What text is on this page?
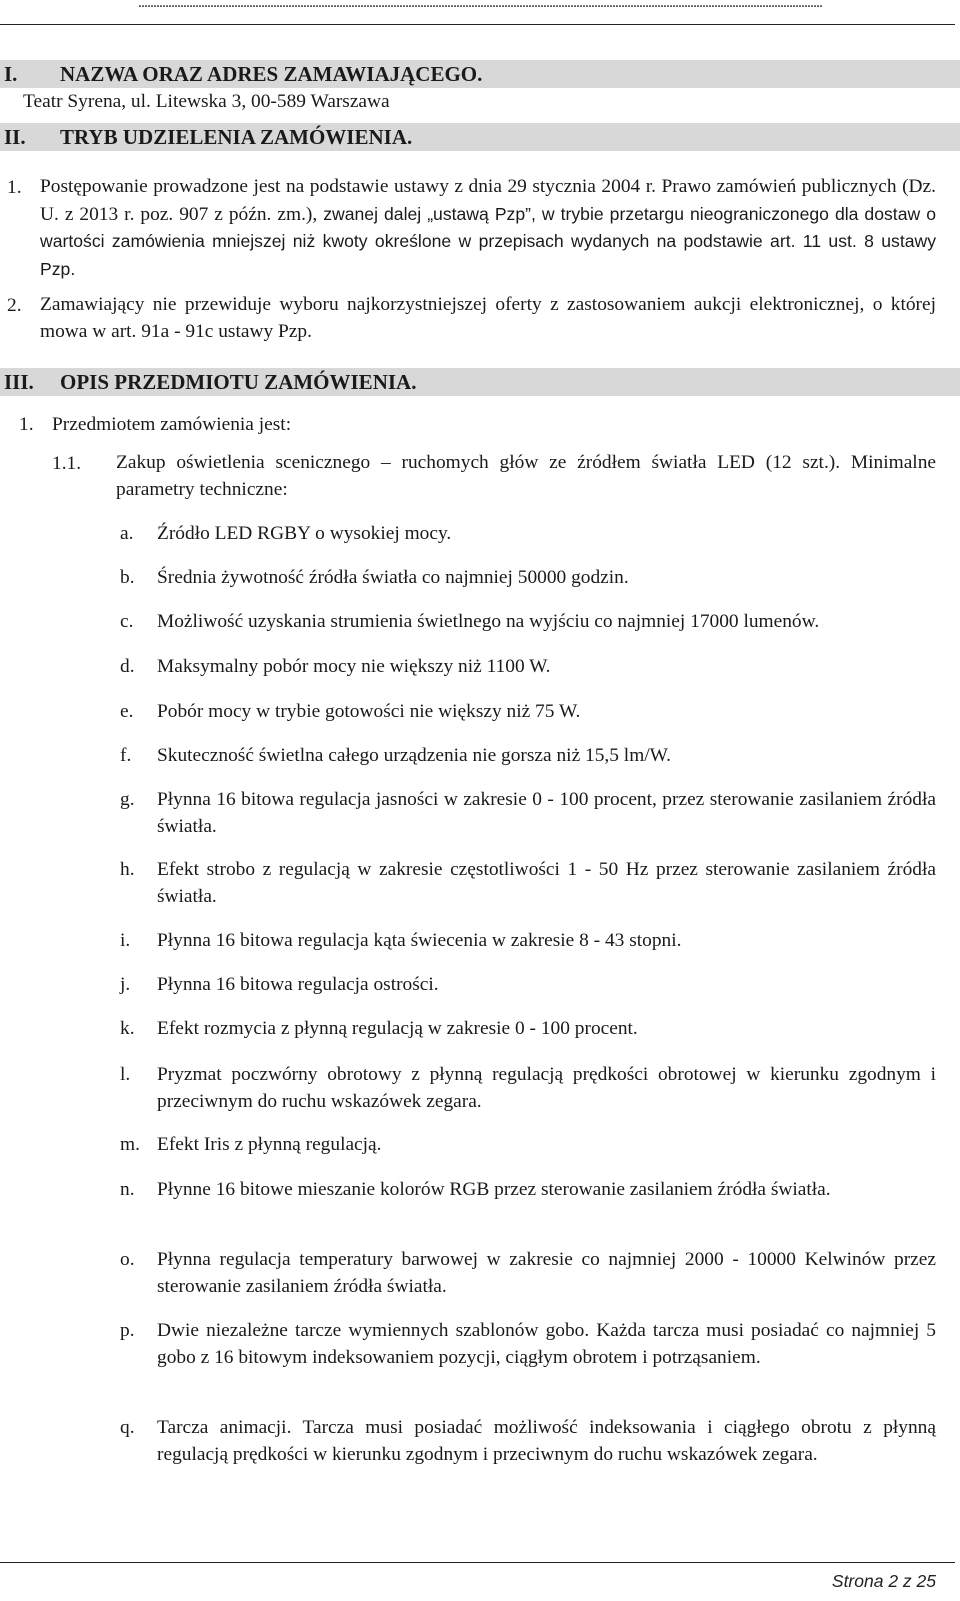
....................................................................................................................................................................................................................................
I. NAZWA ORAZ ADRES ZAMAWIAJĄCEGO.
Teatr Syrena, ul. Litewska 3, 00-589 Warszawa
II. TRYB UDZIELENIA ZAMÓWIENIA.
1. Postępowanie prowadzone jest na podstawie ustawy z dnia 29 stycznia 2004 r. Prawo zamówień publicznych (Dz. U. z 2013 r. poz. 907 z późn. zm.), zwanej dalej „ustawą Pzp”, w trybie przetargu nieograniczonego dla dostaw o wartości zamówienia mniejszej niż kwoty określone w przepisach wydanych na podstawie art. 11 ust. 8 ustawy Pzp.
2. Zamawiający nie przewiduje wyboru najkorzystniejszej oferty z zastosowaniem aukcji elektronicznej, o której mowa w art. 91a - 91c ustawy Pzp.
III. OPIS PRZEDMIOTU ZAMÓWIENIA.
1. Przedmiotem zamówienia jest:
1.1. Zakup oświetlenia scenicznego – ruchomych głów ze źródłem światła LED (12 szt.). Minimalne parametry techniczne:
a. Źródło LED RGBY o wysokiej mocy.
b. Średnia żywotność źródła światła co najmniej 50000 godzin.
c. Możliwość uzyskania strumienia świetlnego na wyjściu co najmniej 17000 lumenów.
d. Maksymalny pobór mocy nie większy niż 1100 W.
e. Pobór mocy w trybie gotowości nie większy niż 75 W.
f. Skuteczność świetlna całego urządzenia nie gorsza niż 15,5 lm/W.
g. Płynna 16 bitowa regulacja jasności w zakresie 0 - 100 procent, przez sterowanie zasilaniem źródła światła.
h. Efekt strobo z regulacją w zakresie częstotliwości 1 - 50 Hz przez sterowanie zasilaniem źródła światła.
i. Płynna 16 bitowa regulacja kąta świecenia w zakresie 8 - 43 stopni.
j. Płynna 16 bitowa regulacja ostrości.
k. Efekt rozmycia z płynną regulacją w zakresie 0 - 100 procent.
l. Pryzmat poczwórny obrotowy z płynną regulacją prędkości obrotowej w kierunku zgodnym i przeciwnym do ruchu wskazówek zegara.
m. Efekt Iris z płynną regulacją.
n. Płynne 16 bitowe mieszanie kolorów RGB przez sterowanie zasilaniem źródła światła.
o. Płynna regulacja temperatury barwowej w zakresie co najmniej 2000 - 10000 Kelwinów przez sterowanie zasilaniem źródła światła.
p. Dwie niezależne tarcze wymiennych szablonów gobo. Każda tarcza musi posiadać co najmniej 5 gobo z 16 bitowym indeksowaniem pozycji, ciągłym obrotem i potrząsaniem.
q. Tarcza animacji. Tarcza musi posiadać możliwość indeksowania i ciągłego obrotu z płynną regulacją prędkości w kierunku zgodnym i przeciwnym do ruchu wskazówek zegara.
Strona 2 z 25
